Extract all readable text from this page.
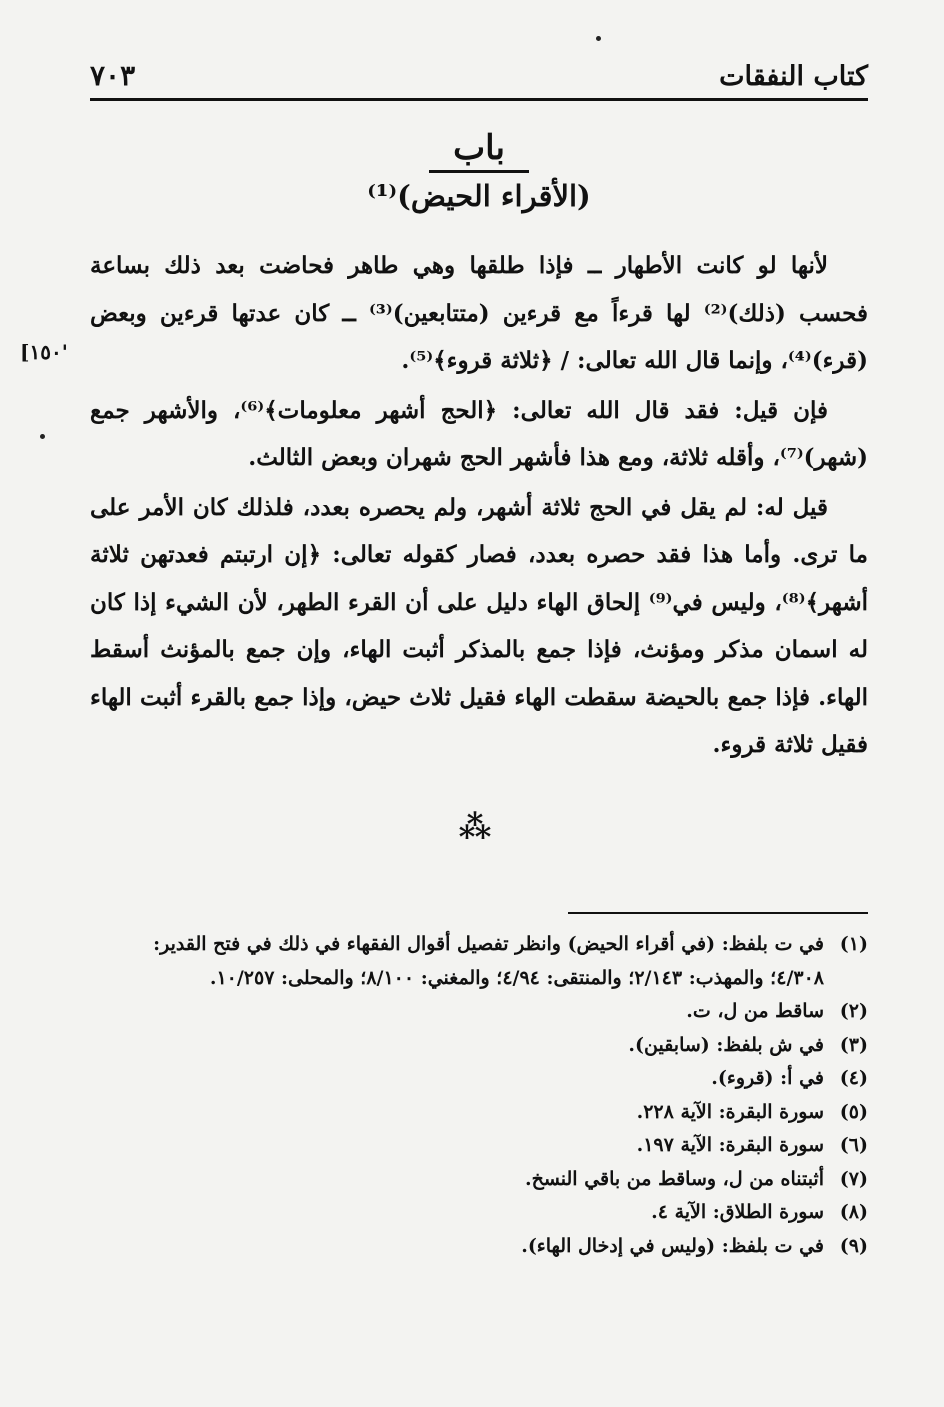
كتاب النفقات
٧٠٣
باب
(الأقراء الحيض)⁽¹⁾
[١٥٠'

لأنها لو كانت الأطهار ــ فإذا طلقها وهي طاهر فحاضت بعد ذلك بساعة فحسب (ذلك)⁽²⁾ لها قرءاً مع قرءين (متتابعين)⁽³⁾ ــ كان عدتها قرءين وبعض (قرء)⁽⁴⁾، وإنما قال الله تعالى: / ﴿ثلاثة قروء﴾⁽⁵⁾.

فإن قيل: فقد قال الله تعالى: ﴿الحج أشهر معلومات﴾⁽⁶⁾، والأشهر جمع (شهر)⁽⁷⁾، وأقله ثلاثة، ومع هذا فأشهر الحج شهران وبعض الثالث.

قيل له: لم يقل في الحج ثلاثة أشهر، ولم يحصره بعدد، فلذلك كان الأمر على ما ترى. وأما هذا فقد حصره بعدد، فصار كقوله تعالى: ﴿إن ارتبتم فعدتهن ثلاثة أشهر﴾⁽⁸⁾، وليس في⁽⁹⁾ إلحاق الهاء دليل على أن القرء الطهر، لأن الشيء إذا كان له اسمان مذكر ومؤنث، فإذا جمع بالمذكر أثبت الهاء، وإن جمع بالمؤنث أسقط الهاء. فإذا جمع بالحيضة سقطت الهاء فقيل ثلاث حيض، وإذا جمع بالقرء أثبت الهاء فقيل ثلاثة قروء.

⁂

(١)في ت بلفظ: (في أقراء الحيض) وانظر تفصيل أقوال الفقهاء في ذلك في فتح القدير:

٤/٣٠٨؛ والمهذب: ٢/١٤٣؛ والمنتقى: ٤/٩٤؛ والمغني: ٨/١٠٠؛ والمحلى: ١٠/٢٥٧.

(٢)ساقط من ل، ت.

(٣)في ش بلفظ: (سابقين).

(٤)في أ: (قروء).

(٥)سورة البقرة: الآية ٢٢٨.

(٦)سورة البقرة: الآية ١٩٧.

(٧)أثبتناه من ل، وساقط من باقي النسخ.

(٨)سورة الطلاق: الآية ٤.

(٩)في ت بلفظ: (وليس في إدخال الهاء).
